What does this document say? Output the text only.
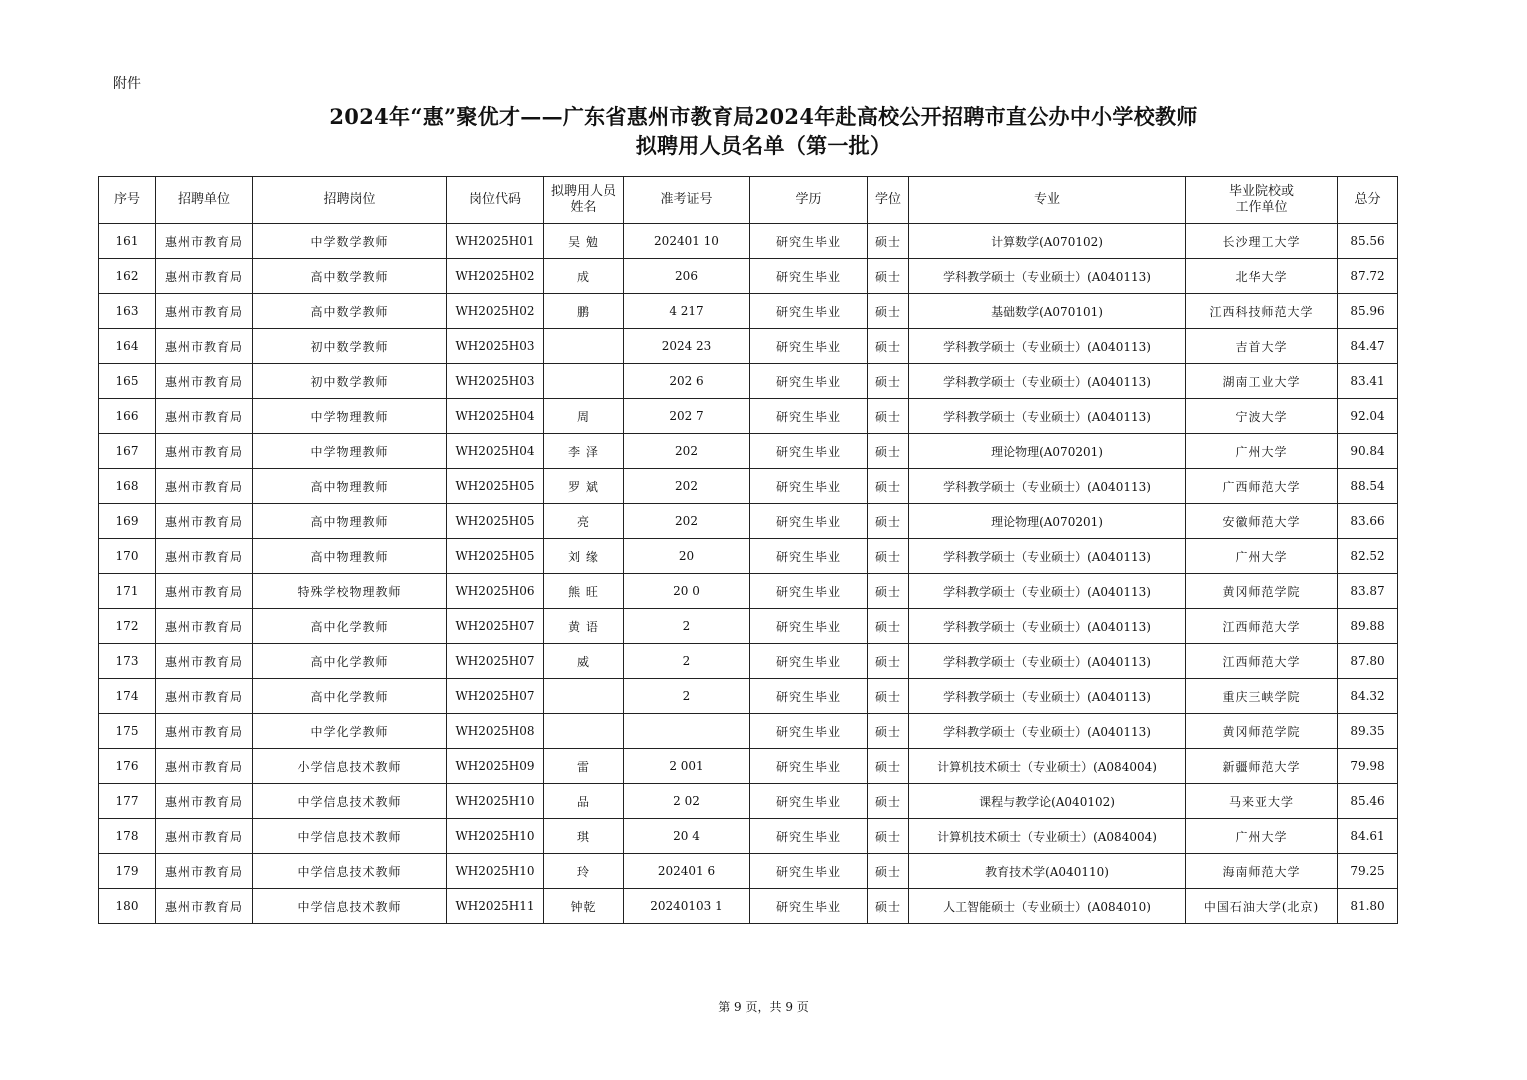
附件
2024年“惠”聚优才——广东省惠州市教育局2024年赴高校公开招聘市直公办中小学校教师
拟聘用人员名单（第一批）
序号	招聘单位	招聘岗位	岗位代码	拟聘用人员
姓名	准考证号	学历	学位	专业	毕业院校或
工作单位	总分
161	惠州市教育局	中学数学教师	WH2025H01	吴 勉	202401 10	研究生毕业	硕士	计算数学(A070102)	长沙理工大学	85.56
162	惠州市教育局	高中数学教师	WH2025H02	成	206	研究生毕业	硕士	学科教学硕士（专业硕士）(A040113)	北华大学	87.72
163	惠州市教育局	高中数学教师	WH2025H02	鹏	4 217	研究生毕业	硕士	基础数学(A070101)	江西科技师范大学	85.96
164	惠州市教育局	初中数学教师	WH2025H03		2024 23	研究生毕业	硕士	学科教学硕士（专业硕士）(A040113)	吉首大学	84.47
165	惠州市教育局	初中数学教师	WH2025H03		202 6	研究生毕业	硕士	学科教学硕士（专业硕士）(A040113)	湖南工业大学	83.41
166	惠州市教育局	中学物理教师	WH2025H04	周	202 7	研究生毕业	硕士	学科教学硕士（专业硕士）(A040113)	宁波大学	92.04
167	惠州市教育局	中学物理教师	WH2025H04	李 泽	202	研究生毕业	硕士	理论物理(A070201)	广州大学	90.84
168	惠州市教育局	高中物理教师	WH2025H05	罗 斌	202	研究生毕业	硕士	学科教学硕士（专业硕士）(A040113)	广西师范大学	88.54
169	惠州市教育局	高中物理教师	WH2025H05	亮	202	研究生毕业	硕士	理论物理(A070201)	安徽师范大学	83.66
170	惠州市教育局	高中物理教师	WH2025H05	刘 缘	20	研究生毕业	硕士	学科教学硕士（专业硕士）(A040113)	广州大学	82.52
171	惠州市教育局	特殊学校物理教师	WH2025H06	熊 旺	20 0	研究生毕业	硕士	学科教学硕士（专业硕士）(A040113)	黄冈师范学院	83.87
172	惠州市教育局	高中化学教师	WH2025H07	黄 语	2	研究生毕业	硕士	学科教学硕士（专业硕士）(A040113)	江西师范大学	89.88
173	惠州市教育局	高中化学教师	WH2025H07	威	2	研究生毕业	硕士	学科教学硕士（专业硕士）(A040113)	江西师范大学	87.80
174	惠州市教育局	高中化学教师	WH2025H07		2	研究生毕业	硕士	学科教学硕士（专业硕士）(A040113)	重庆三峡学院	84.32
175	惠州市教育局	中学化学教师	WH2025H08			研究生毕业	硕士	学科教学硕士（专业硕士）(A040113)	黄冈师范学院	89.35
176	惠州市教育局	小学信息技术教师	WH2025H09	雷	2 001	研究生毕业	硕士	计算机技术硕士（专业硕士）(A084004)	新疆师范大学	79.98
177	惠州市教育局	中学信息技术教师	WH2025H10	品	2 02	研究生毕业	硕士	课程与教学论(A040102)	马来亚大学	85.46
178	惠州市教育局	中学信息技术教师	WH2025H10	琪	20 4	研究生毕业	硕士	计算机技术硕士（专业硕士）(A084004)	广州大学	84.61
179	惠州市教育局	中学信息技术教师	WH2025H10	玲	202401 6	研究生毕业	硕士	教育技术学(A040110)	海南师范大学	79.25
180	惠州市教育局	中学信息技术教师	WH2025H11	钟乾	20240103 1	研究生毕业	硕士	人工智能硕士（专业硕士）(A084010)	中国石油大学(北京)	81.80
第 9 页，共 9 页
